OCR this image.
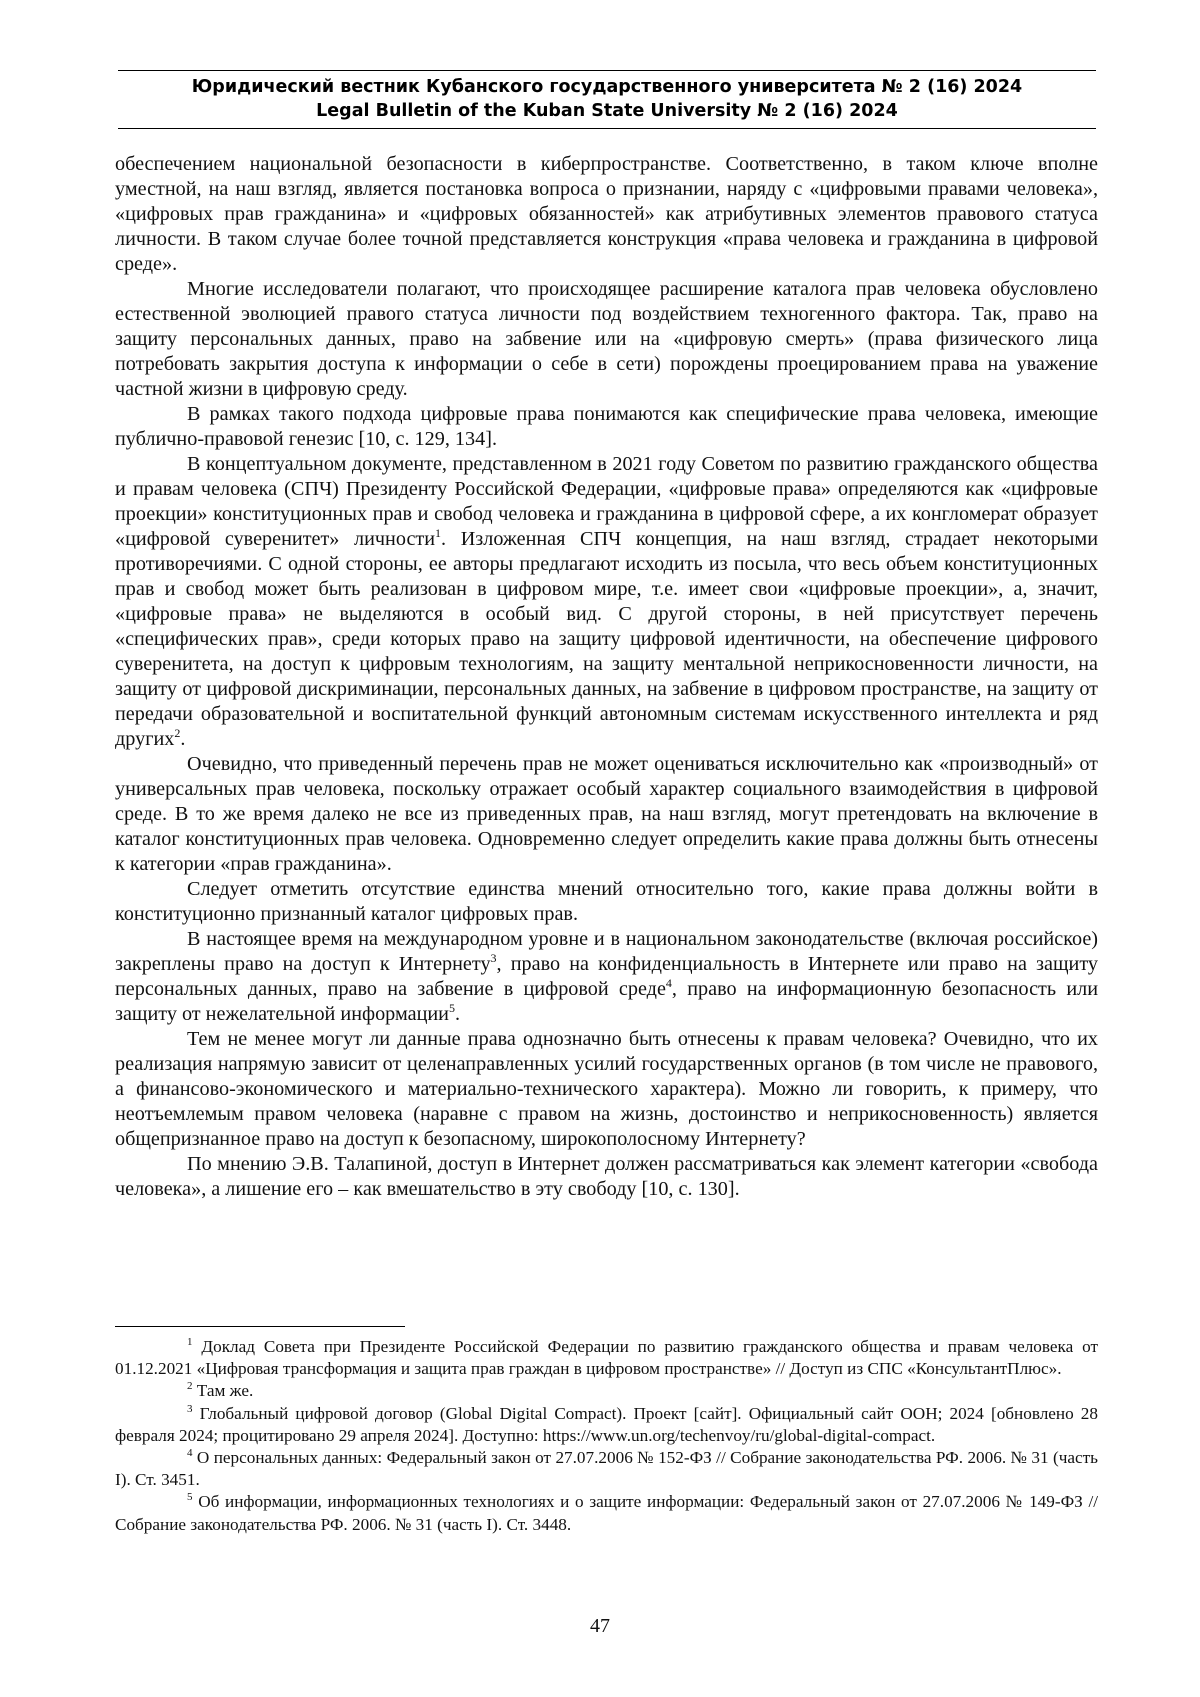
Юридический вестник Кубанского государственного университета № 2 (16) 2024
Legal Bulletin of the Kuban State University № 2 (16) 2024

обеспечением национальной безопасности в киберпространстве. Соответственно, в таком ключе вполне уместной, на наш взгляд, является постановка вопроса о признании, наряду с «цифровыми правами человека», «цифровых прав гражданина» и «цифровых обязанностей» как атрибутивных элементов правового статуса личности. В таком случае более точной представляется конструкция «права человека и гражданина в цифровой среде».

Многие исследователи полагают, что происходящее расширение каталога прав человека обусловлено естественной эволюцией правого статуса личности под воздействием техногенного фактора. Так, право на защиту персональных данных, право на забвение или на «цифровую смерть» (права физического лица потребовать закрытия доступа к информации о себе в сети) порождены проецированием права на уважение частной жизни в цифровую среду.

В рамках такого подхода цифровые права понимаются как специфические права человека, имеющие публично-правовой генезис [10, с. 129, 134].

В концептуальном документе, представленном в 2021 году Советом по развитию гражданского общества и правам человека (СПЧ) Президенту Российской Федерации, «цифровые права» определяются как «цифровые проекции» конституционных прав и свобод человека и гражданина в цифровой сфере, а их конгломерат образует «цифровой суверенитет» личности$^1$. Изложенная СПЧ концепция, на наш взгляд, страдает некоторыми противоречиями. С одной стороны, ее авторы предлагают исходить из посыла, что весь объем конституционных прав и свобод может быть реализован в цифровом мире, т.е. имеет свои «цифровые проекции», а, значит, «цифровые права» не выделяются в особый вид. С другой стороны, в ней присутствует перечень «специфических прав», среди которых право на защиту цифровой идентичности, на обеспечение цифрового суверенитета, на доступ к цифровым технологиям, на защиту ментальной неприкосновенности личности, на защиту от цифровой дискриминации, персональных данных, на забвение в цифровом пространстве, на защиту от передачи образовательной и воспитательной функций автономным системам искусственного интеллекта и ряд других$^2$.

Очевидно, что приведенный перечень прав не может оцениваться исключительно как «производный» от универсальных прав человека, поскольку отражает особый характер социального взаимодействия в цифровой среде. В то же время далеко не все из приведенных прав, на наш взгляд, могут претендовать на включение в каталог конституционных прав человека. Одновременно следует определить какие права должны быть отнесены к категории «прав гражданина».

Следует отметить отсутствие единства мнений относительно того, какие права должны войти в конституционно признанный каталог цифровых прав.

В настоящее время на международном уровне и в национальном законодательстве (включая российское) закреплены право на доступ к Интернету$^3$, право на конфиденциальность в Интернете или право на защиту персональных данных, право на забвение в цифровой среде$^4$, право на информационную безопасность или защиту от нежелательной информации$^5$.

Тем не менее могут ли данные права однозначно быть отнесены к правам человека? Очевидно, что их реализация напрямую зависит от целенаправленных усилий государственных органов (в том числе не правового, а финансово-экономического и материально-технического характера). Можно ли говорить, к примеру, что неотъемлемым правом человека (наравне с правом на жизнь, достоинство и неприкосновенность) является общепризнанное право на доступ к безопасному, широкополосному Интернету?

По мнению Э.В. Талапиной, доступ в Интернет должен рассматриваться как элемент категории «свобода человека», а лишение его – как вмешательство в эту свободу [10, с. 130].

$^1$ Доклад Совета при Президенте Российской Федерации по развитию гражданского общества и правам человека от 01.12.2021 «Цифровая трансформация и защита прав граждан в цифровом пространстве» // Доступ из СПС «КонсультантПлюс».

$^2$ Там же.

$^3$ Глобальный цифровой договор (Global Digital Compact). Проект [сайт]. Официальный сайт ООН; 2024 [обновлено 28 февраля 2024; процитировано 29 апреля 2024]. Доступно: https://www.un.org/techenvoy/ru/global-digital-compact.

$^4$ О персональных данных: Федеральный закон от 27.07.2006 № 152-ФЗ // Собрание законодательства РФ. 2006. № 31 (часть I). Ст. 3451.

$^5$ Об информации, информационных технологиях и о защите информации: Федеральный закон от 27.07.2006 № 149-ФЗ // Собрание законодательства РФ. 2006. № 31 (часть I). Ст. 3448.

47
